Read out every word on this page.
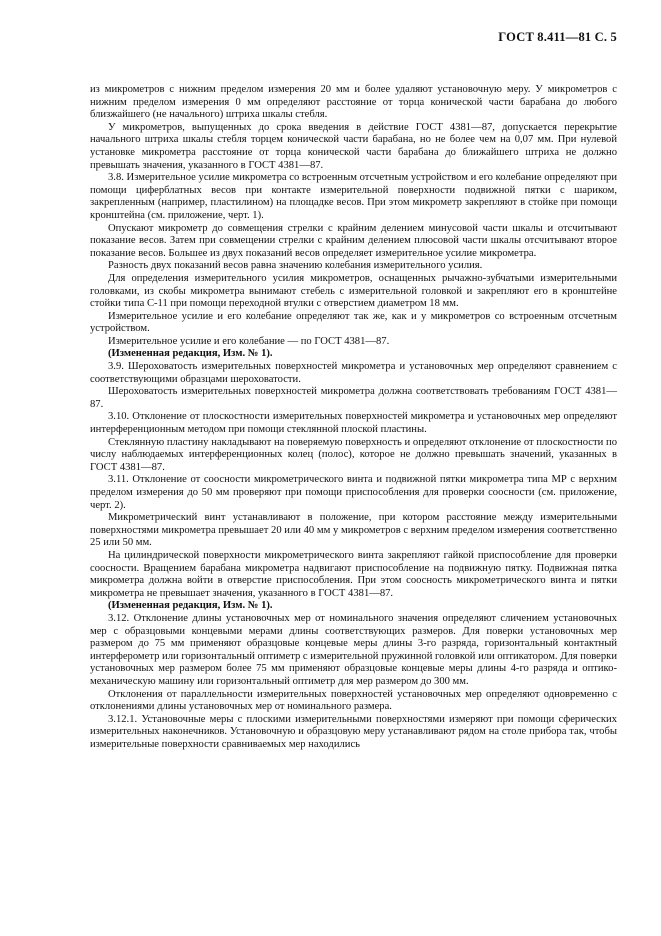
ГОСТ 8.411—81 С. 5

из микрометров с нижним пределом измерения 20 мм и более удаляют установочную меру. У микрометров с нижним пределом измерения 0 мм определяют расстояние от торца конической части барабана до любого близжайшего (не начального) штриха шкалы стебля.

У микрометров, выпущенных до срока введения в действие ГОСТ 4381—87, допускается перекрытие начального штриха шкалы стебля торцем конической части барабана, но не более чем на 0,07 мм. При нулевой установке микрометра расстояние от торца конической части барабана до ближайшего штриха не должно превышать значения, указанного в ГОСТ 4381—87.

3.8. Измерительное усилие микрометра со встроенным отсчетным устройством и его колебание определяют при помощи циферблатных весов при контакте измерительной поверхности подвижной пятки с шариком, закрепленным (например, пластилином) на площадке весов. При этом микрометр закрепляют в стойке при помощи кронштейна (см. приложение, черт. 1).

Опускают микрометр до совмещения стрелки с крайним делением минусовой части шкалы и отсчитывают показание весов. Затем при совмещении стрелки с крайним делением плюсовой части шкалы отсчитывают второе показание весов. Большее из двух показаний весов определяет измерительное усилие микрометра.

Разность двух показаний весов равна значению колебания измерительного усилия.

Для определения измерительного усилия микрометров, оснащенных рычажно-зубчатыми измерительными головками, из скобы микрометра вынимают стебель с измерительной головкой и закрепляют его в кронштейне стойки типа С-11 при помощи переходной втулки с отверстием диаметром 18 мм.

Измерительное усилие и его колебание определяют так же, как и у микрометров со встроенным отсчетным устройством.

Измерительное усилие и его колебание — по ГОСТ 4381—87.

(Измененная редакция, Изм. № 1).

3.9. Шероховатость измерительных поверхностей микрометра и установочных мер определяют сравнением с соответствующими образцами шероховатости.

Шероховатость измерительных поверхностей микрометра должна соответствовать требованиям ГОСТ 4381—87.

3.10. Отклонение от плоскостности измерительных поверхностей микрометра и установочных мер определяют интерференционным методом при помощи стеклянной плоской пластины.

Стеклянную пластину накладывают на поверяемую поверхность и определяют отклонение от плоскостности по числу наблюдаемых интерференционных колец (полос), которое не должно превышать значений, указанных в ГОСТ 4381—87.

3.11. Отклонение от соосности микрометрического винта и подвижной пятки микрометра типа МР с верхним пределом измерения до 50 мм проверяют при помощи приспособления для проверки соосности (см. приложение, черт. 2).

Микрометрический винт устанавливают в положение, при котором расстояние между измерительными поверхностями микрометра превышает 20 или 40 мм у микрометров с верхним пределом измерения соответственно 25 или 50 мм.

На цилиндрической поверхности микрометрического винта закрепляют гайкой приспособление для проверки соосности. Вращением барабана микрометра надвигают приспособление на подвижную пятку. Подвижная пятка микрометра должна войти в отверстие приспособления. При этом соосность микрометрического винта и пятки микрометра не превышает значения, указанного в ГОСТ 4381—87.

(Измененная редакция, Изм. № 1).

3.12. Отклонение длины установочных мер от номинального значения определяют сличением установочных мер с образцовыми концевыми мерами длины соответствующих размеров. Для поверки установочных мер размером до 75 мм применяют образцовые концевые меры длины 3-го разряда, горизонтальный контактный интерферометр или горизонтальный оптиметр с измерительной пружинной головкой или оптикатором. Для поверки установочных мер размером более 75 мм применяют образцовые концевые меры длины 4-го разряда и оптико-механическую машину или горизонтальный оптиметр для мер размером до 300 мм.

Отклонения от параллельности измерительных поверхностей установочных мер определяют одновременно с отклонениями длины установочных мер от номинального размера.

3.12.1. Установочные меры с плоскими измерительными поверхностями измеряют при помощи сферических измерительных наконечников. Установочную и образцовую меру устанавливают рядом на столе прибора так, чтобы измерительные поверхности сравниваемых мер находились
